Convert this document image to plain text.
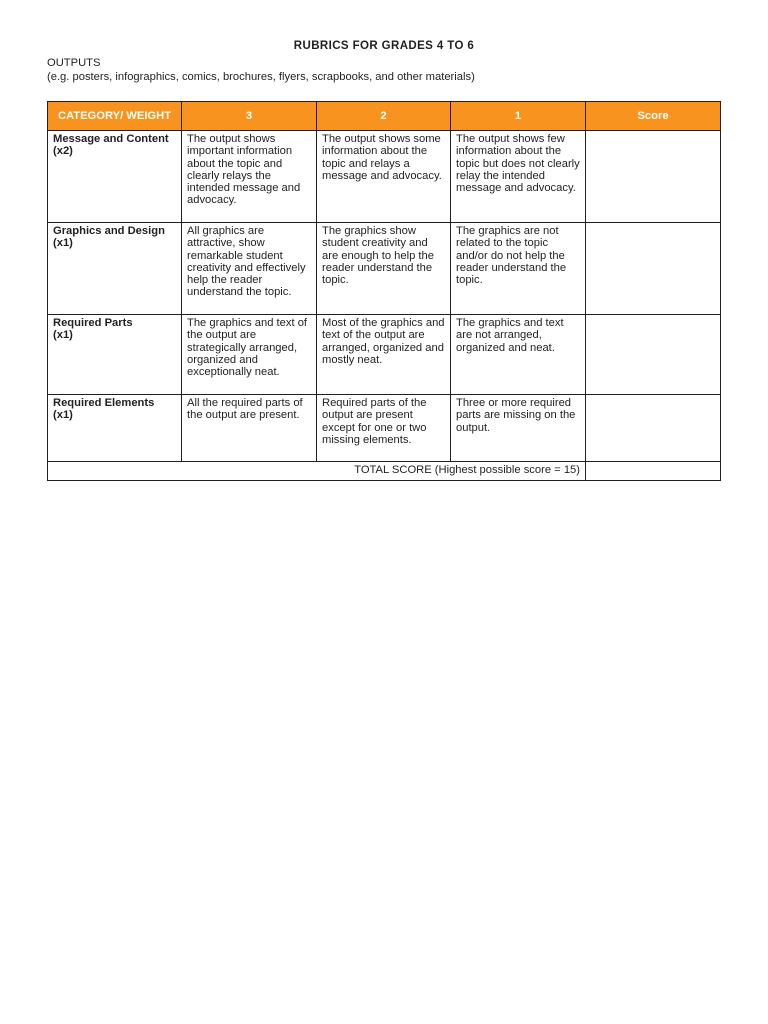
RUBRICS FOR GRADES 4 TO 6
OUTPUTS
(e.g. posters, infographics, comics, brochures, flyers, scrapbooks, and other materials)
CATEGORY/ WEIGHT	3	2	1	Score

Message and Content
(x2)	The output shows important information about the topic and clearly relays the intended message and advocacy.	The output shows some information about the topic and relays a message and advocacy.	The output shows few information about the topic but does not clearly relay the intended message and advocacy.	

Graphics and Design
(x1)	All graphics are attractive, show remarkable student creativity and effectively help the reader understand the topic.	The graphics show student creativity and are enough to help the reader understand the topic.	The graphics are not related to the topic and/or do not help the reader understand the topic.	

Required Parts
(x1)	The graphics and text of the output are strategically arranged, organized and exceptionally neat.	Most of the graphics and text of the output are arranged, organized and mostly neat.	The graphics and text are not arranged, organized and neat.	

Required Elements
(x1)	All the required parts of the output are present.	Required parts of the output are present except for one or two missing elements.	Three or more required parts are missing on the output.	
TOTAL SCORE (Highest possible score = 15)				
